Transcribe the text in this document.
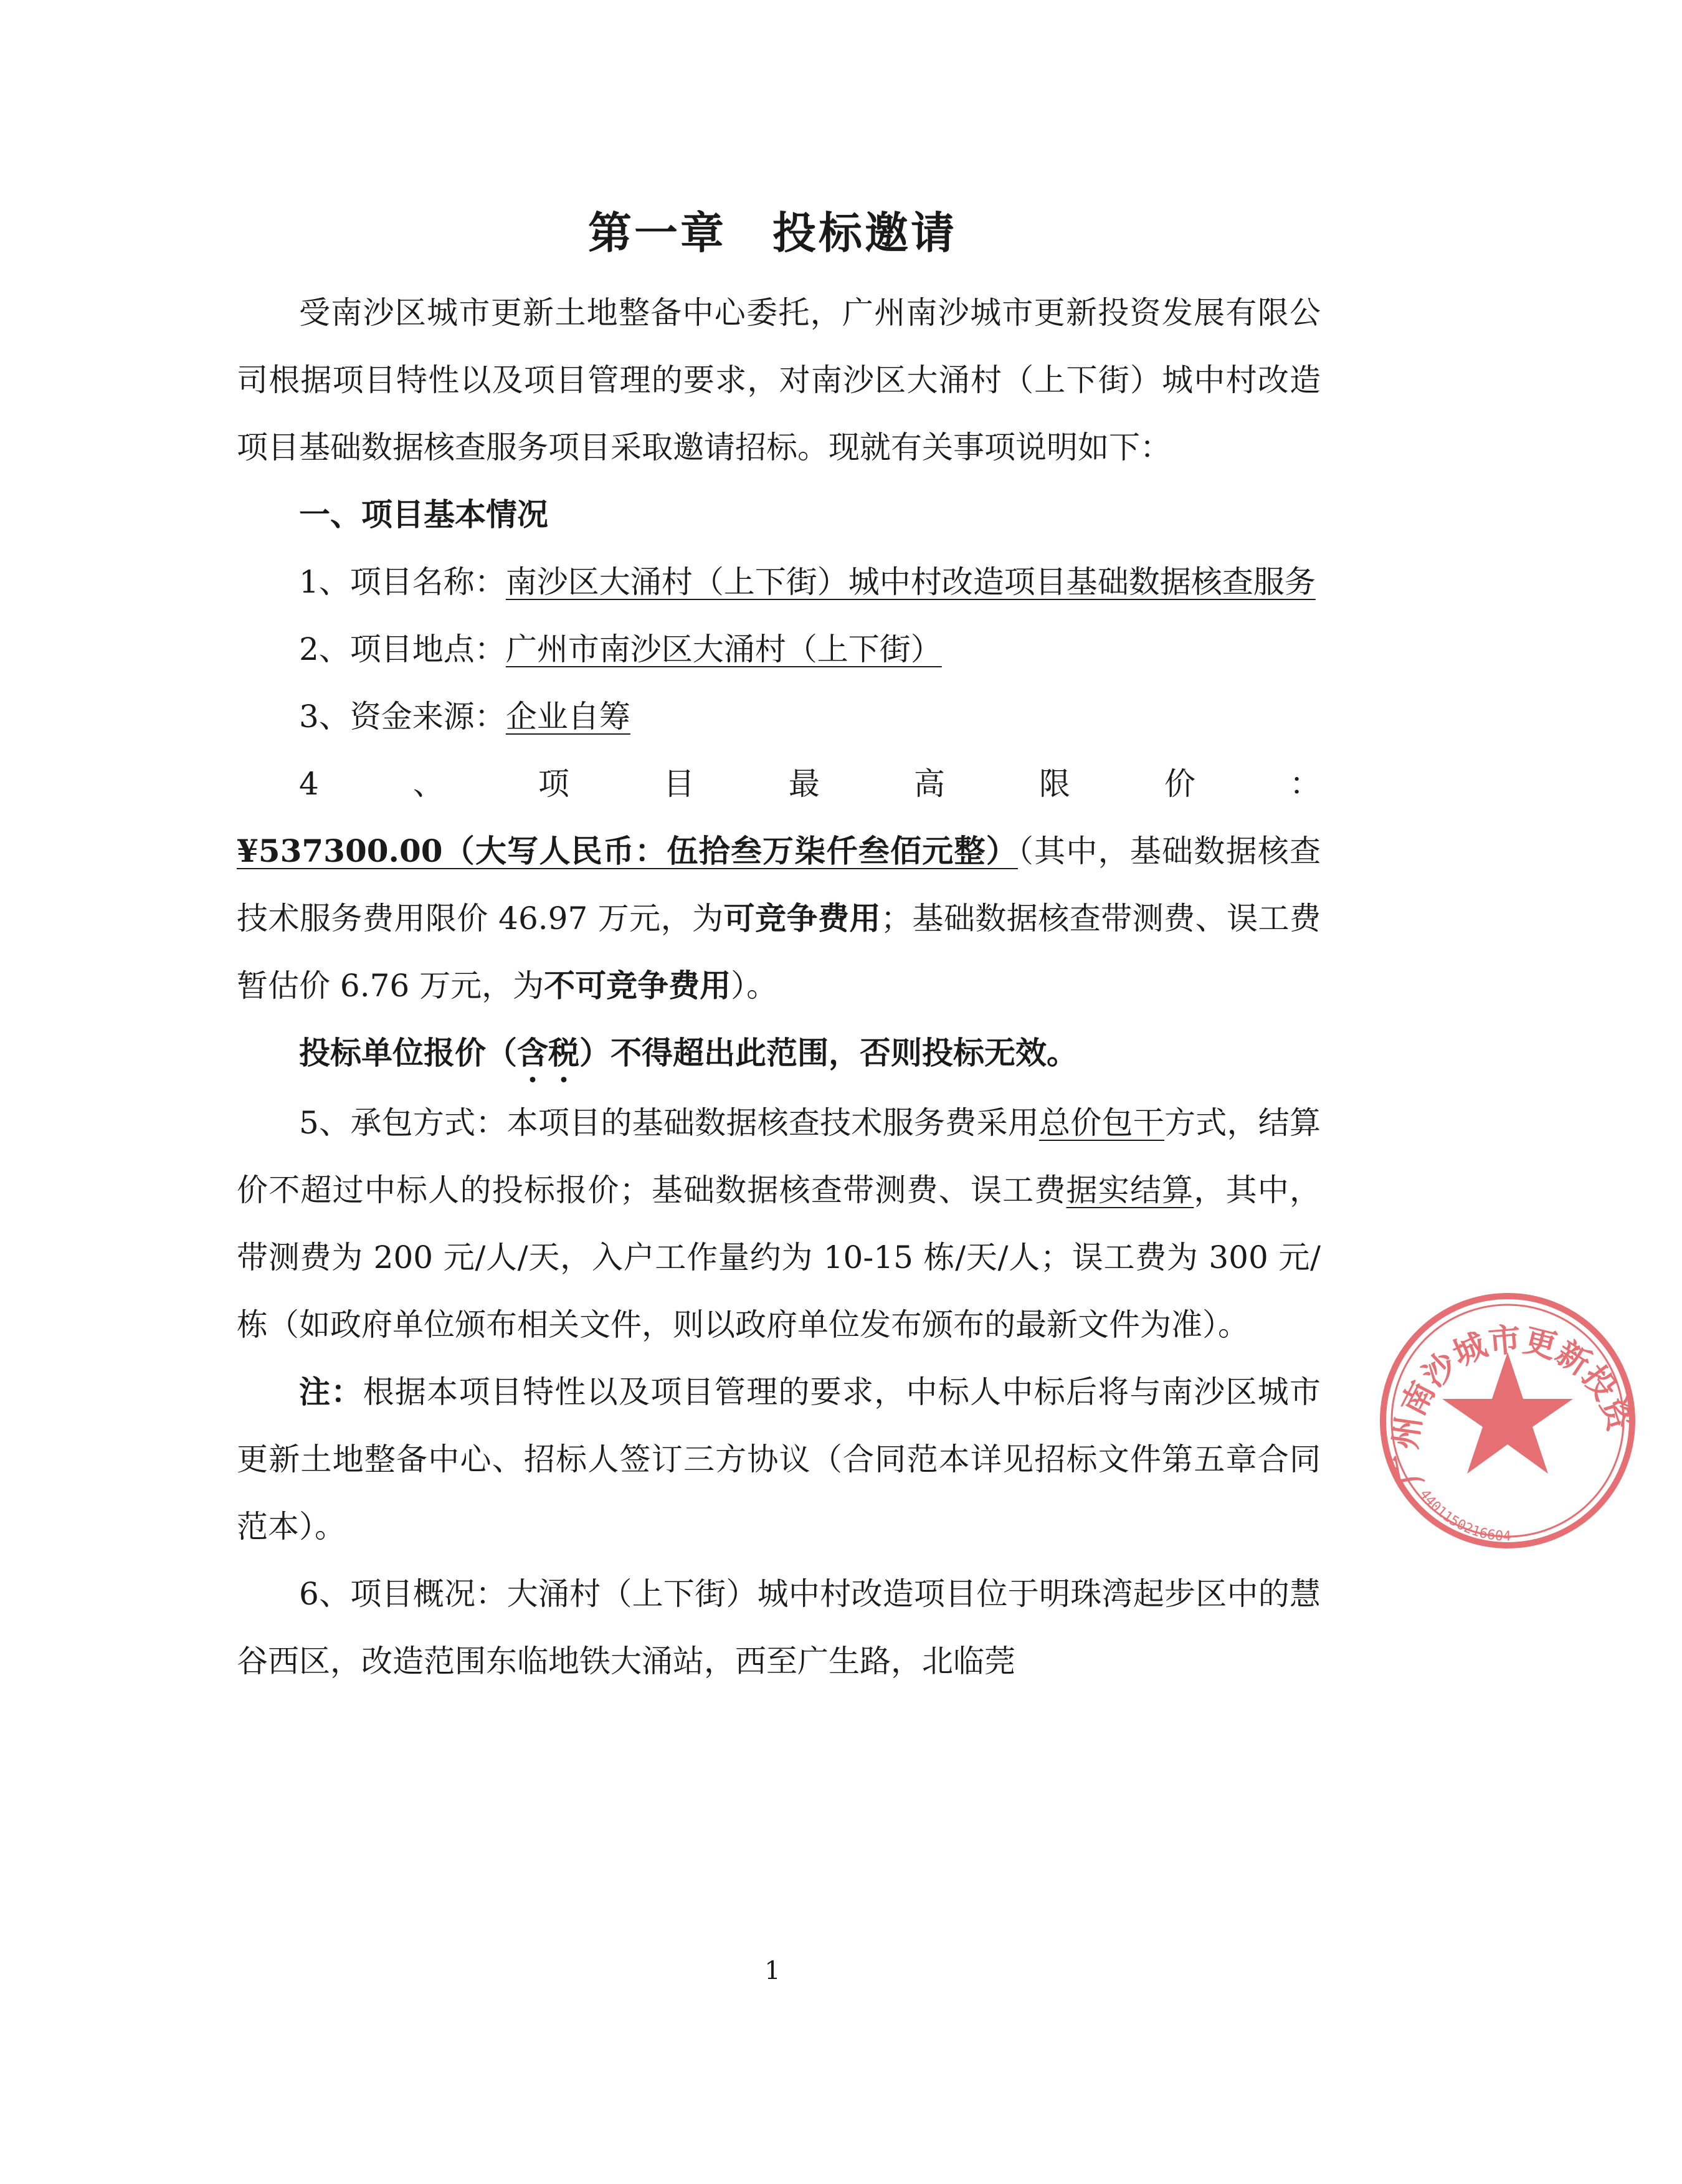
第一章　投标邀请

受南沙区城市更新土地整备中心委托，广州南沙城市更新投资发展有限公司根据项目特性以及项目管理的要求，对南沙区大涌村（上下街）城中村改造项目基础数据核查服务项目采取邀请招标。现就有关事项说明如下：

一、项目基本情况

1、项目名称：南沙区大涌村（上下街）城中村改造项目基础数据核查服务

2、项目地点：广州市南沙区大涌村（上下街）

3、资金来源：企业自筹

4、项目最高限价：¥537300.00（大写人民币：伍拾叁万柒仟叁佰元整）（其中，基础数据核查技术服务费用限价 46.97 万元，为可竞争费用；基础数据核查带测费、误工费暂估价 6.76 万元，为不可竞争费用）。

投标单位报价（含税）不得超出此范围，否则投标无效。

5、承包方式：本项目的基础数据核查技术服务费采用总价包干方式，结算价不超过中标人的投标报价；基础数据核查带测费、误工费据实结算，其中，带测费为 200 元/人/天，入户工作量约为 10-15 栋/天/人；误工费为 300 元/栋（如政府单位颁布相关文件，则以政府单位发布颁布的最新文件为准）。

注：根据本项目特性以及项目管理的要求，中标人中标后将与南沙区城市更新土地整备中心、招标人签订三方协议（合同范本详见招标文件第五章合同范本）。

6、项目概况：大涌村（上下街）城中村改造项目位于明珠湾起步区中的慧谷西区，改造范围东临地铁大涌站，西至广生路，北临莞

1
广州南沙城市更新投资
4401150216604
